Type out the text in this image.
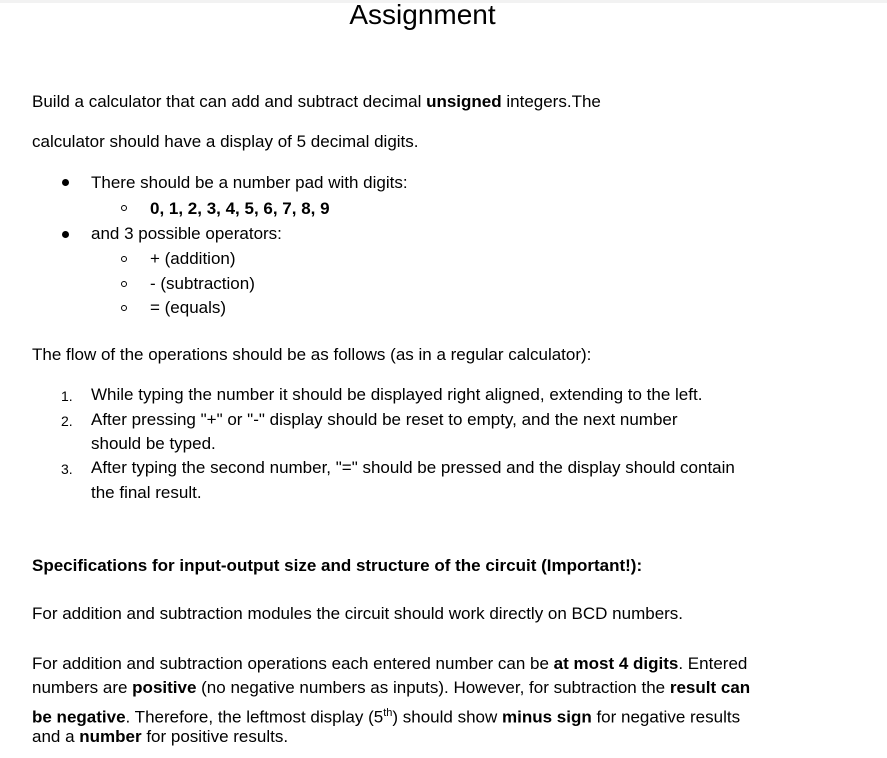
Assignment
Build a calculator that can add and subtract decimal unsigned integers.The
calculator should have a display of 5 decimal digits.
There should be a number pad with digits:
0, 1, 2, 3, 4, 5, 6, 7, 8, 9
and 3 possible operators:
+ (addition)
- (subtraction)
= (equals)
The flow of the operations should be as follows (as in a regular calculator):
1. While typing the number it should be displayed right aligned, extending to the left.
2. After pressing "+" or "-" display should be reset to empty, and the next number
should be typed.
3. After typing the second number, "=" should be pressed and the display should contain
the final result.
Specifications for input-output size and structure of the circuit (Important!):
For addition and subtraction modules the circuit should work directly on BCD numbers.
For addition and subtraction operations each entered number can be at most 4 digits. Entered
numbers are positive (no negative numbers as inputs). However, for subtraction the result can
be negative. Therefore, the leftmost display (5th) should show minus sign for negative results
and a number for positive results.
